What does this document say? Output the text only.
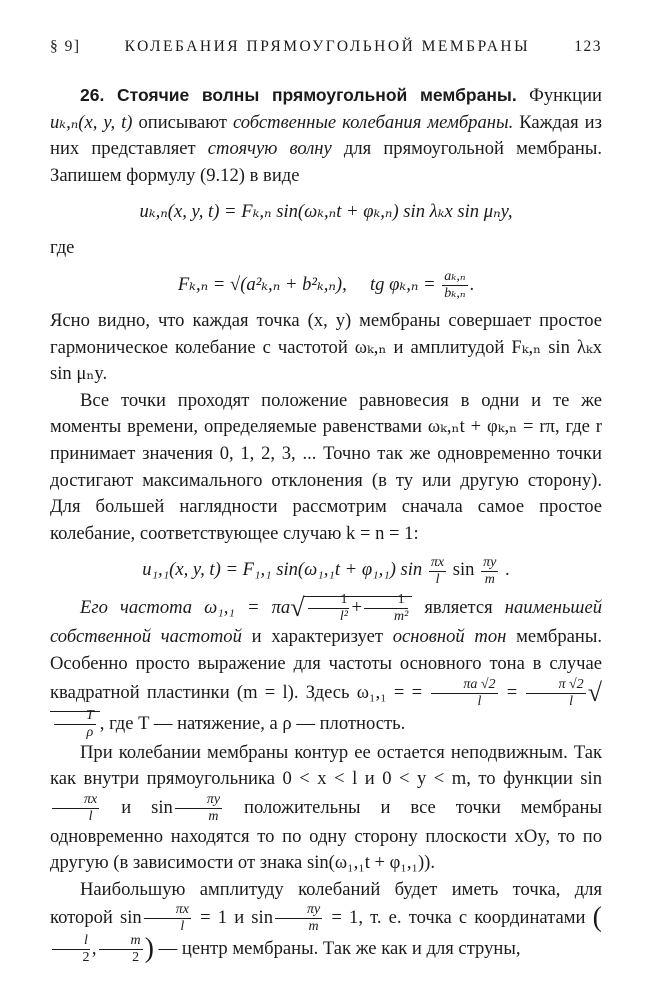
§ 9]	КОЛЕБАНИЯ ПРЯМОУГОЛЬНОЙ МЕМБРАНЫ	123

26. Стоячие волны прямоугольной мембраны. Функции uₖ,ₙ(x, y, t) описывают собственные колебания мембраны. Каждая из них представляет стоячую волну для прямоугольной мембраны. Запишем формулу (9.12) в виде

uₖ,ₙ(x, y, t) = Fₖ,ₙ sin(ωₖ,ₙt + φₖ,ₙ) sin λₖx sin μₙy,

где

Fₖ,ₙ = √(a²ₖ,ₙ + b²ₖ,ₙ), tg $\varphi_k,_n = \frac{\text{aₖ,ₙ}}{\text{bₖ,ₙ}}$ .

Ясно видно, что каждая точка (x, y) мембраны совершает простое гармоническое колебание с частотой ωₖ,ₙ и амплитудой Fₖ,ₙ sin λₖx sin μₙy.

Все точки проходят положение равновесия в одни и те же моменты времени, определяемые равенствами ωₖ,ₙt + φₖ,ₙ = rπ, где r принимает значения 0, 1, 2, 3, ... Точно так же одновременно точки достигают максимального отклонения (в ту или другую сторону). Для большей наглядности рассмотрим сначала самое простое колебание, соответствующее случаю k = n = 1:

u₁,₁(x, y, t) = F₁,₁ sin(ω₁,₁t + φ₁,₁) $\sin \frac{\pi x}{l}$ $\sin \frac{\pi y}{m}$ .

Его частота $\omega_1,_1 = \pi a√ \frac{1}{\text{l²}} + \frac{1}{\text{m²}}$ является наименьшей собственной частотой и характеризует основной тон мембраны. Особенно просто выражение для частоты основного тона в случае квадратной пластинки (m = l). Здесь ω₁,₁ = = $\frac{\pi a √2}{l} = \frac{\pi √2}{l}$ √
$\frac{T}{\rho}$ , где T — натяжение, а ρ — плотность.

При колебании мембраны контур ее остается неподвижным. Так как внутри прямоугольника 0 < x < l и 0 < y < m, то функции sin
$\frac{\pi x}{l}$ и $\sin \frac{\pi y}{m}$ положительны и все точки мембраны одновременно находятся то по одну сторону плоскости xOy, то по другую (в зависимости от знака sin(ω₁,₁t + φ₁,₁)).

Наибольшую амплитуду колебаний будет иметь точка, для которой $\sin \frac{\pi x}{l} = 1$ и $\sin \frac{\pi y}{m} = 1$, т. е. точка с координатами (
$\frac{l}{2}$ , $\frac{m}{2}$ ) — центр мембраны. Так же как и для струны,
